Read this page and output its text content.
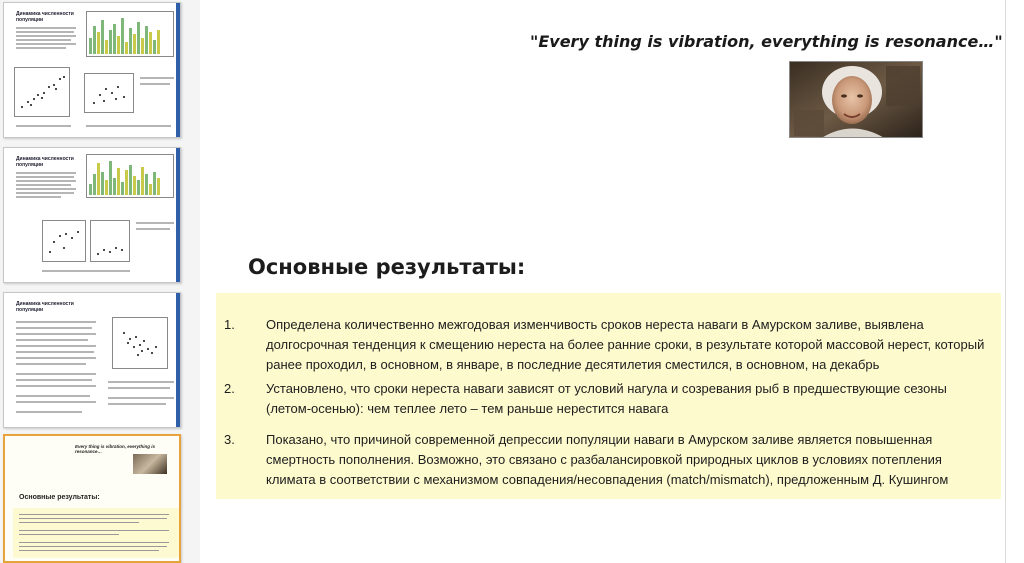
Динамика численности популяции
Динамика численности популяции
Динамика численности популяции
Every thing is vibration, everything is resonance…
Основные результаты:
"Every thing is vibration, everything is resonance…"
Основные результаты:
1. Определена количественно межгодовая изменчивость сроков нереста наваги в Амурском заливе, выявлена долгосрочная тенденция к смещению нереста на более ранние сроки, в результате которой массовой нерест, который ранее проходил, в основном, в январе, в последние десятилетия сместился, в основном, на декабрь
2. Установлено, что сроки нереста наваги зависят от условий нагула и созревания рыб в предшествующие сезоны (летом-осенью): чем теплее лето – тем раньше нерестится навага
3. Показано, что причиной современной депрессии популяции наваги в Амурском заливе является повышенная смертность пополнения. Возможно, это связано с разбалансировкой природных циклов в условиях потепления климата в соответствии с механизмом совпадения/несовпадения (match/mismatch), предложенным Д. Кушингом
